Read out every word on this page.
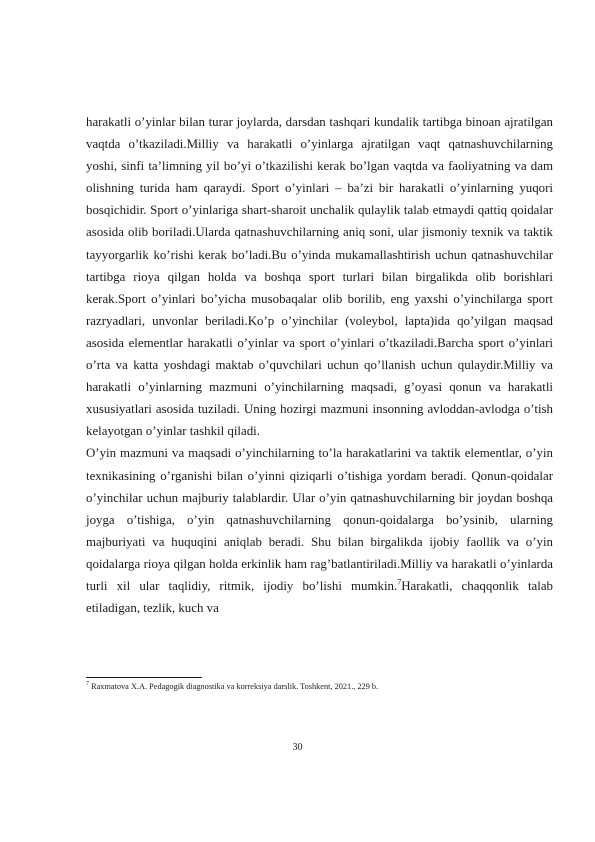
harakatli o’yinlar bilan turar joylarda, darsdan tashqari kundalik tartibga binoan ajratilgan vaqtda o’tkaziladi.Milliy va harakatli o’yinlarga ajratilgan vaqt qatnashuvchilarning yoshi, sinfi ta’limning yil bo’yi o’tkazilishi kerak bo’lgan vaqtda va faoliyatning va dam olishning turida ham qaraydi. Sport o’yinlari – ba’zi bir harakatli o’yinlarning yuqori bosqichidir. Sport o’yinlariga shart-sharoit unchalik qulaylik talab etmaydi qattiq qoidalar asosida olib boriladi.Ularda qatnashuvchilarning aniq soni, ular jismoniy texnik va taktik tayyorgarlik ko’rishi kerak bo’ladi.Bu o’yinda mukamallashtirish uchun qatnashuvchilar tartibga rioya qilgan holda va boshqa sport turlari bilan birgalikda olib borishlari kerak.Sport o’yinlari bo’yicha musobaqalar olib borilib, eng yaxshi o’yinchilarga sport razryadlari, unvonlar beriladi.Ko’p o’yinchilar (voleybol, lapta)ida qo’yilgan maqsad asosida elementlar harakatli o’yinlar va sport o’yinlari o’tkaziladi.Barcha sport o’yinlari o’rta va katta yoshdagi maktab o’quvchilari uchun qo’llanish uchun qulaydir.Milliy va harakatli o’yinlarning mazmuni o’yinchilarning maqsadi, g’oyasi qonun va harakatli xususiyatlari asosida tuziladi. Uning hozirgi mazmuni insonning avloddan-avlodga o’tish kelayotgan o’yinlar tashkil qiladi.

O’yin mazmuni va maqsadi o’yinchilarning to’la harakatlarini va taktik elementlar, o’yin texnikasining o’rganishi bilan o’yinni qiziqarli o’tishiga yordam beradi. Qonun-qoidalar o’yinchilar uchun majburiy talablardir. Ular o’yin qatnashuvchilarning bir joydan boshqa joyga o’tishiga, o’yin qatnashuvchilarning qonun-qoidalarga bo’ysinib, ularning majburiyati va huquqini aniqlab beradi. Shu bilan birgalikda ijobiy faollik va o’yin qoidalarga rioya qilgan holda erkinlik ham rag’batlantiriladi.Milliy va harakatli o’yinlarda turli xil ular taqlidiy, ritmik, ijodiy bo’lishi mumkin.$^7$Harakatli, chaqqonlik talab etiladigan, tezlik, kuch va

$^7$ Raxmatova X.A. Pedagogik diagnostika va korreksiya darslik. Toshkent, 2021., 229 b.

30
